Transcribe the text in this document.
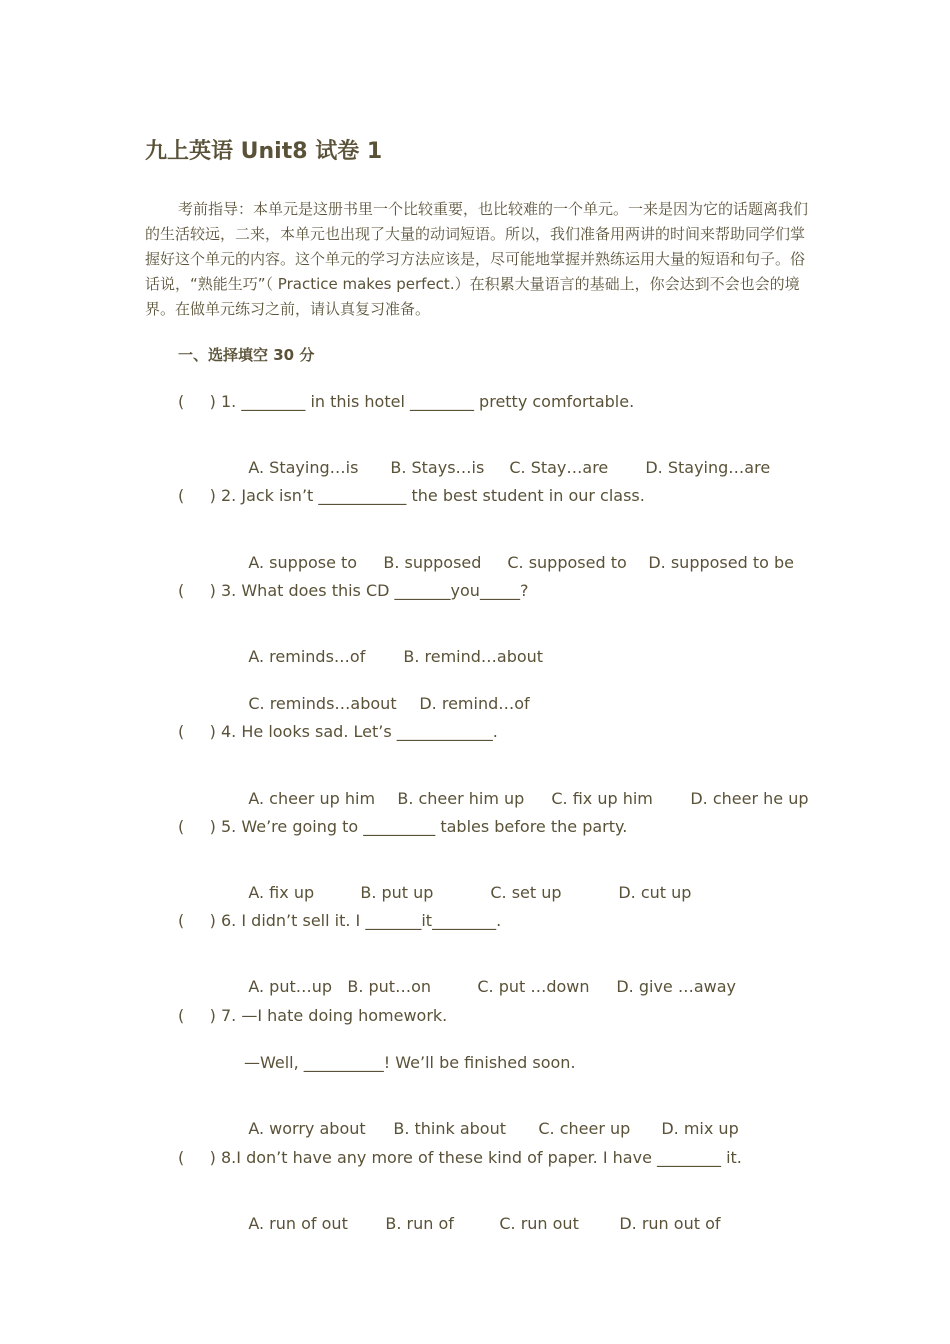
九上英语 Unit8 试卷 1
考前指导：本单元是这册书里一个比较重要，也比较难的一个单元。一来是因为它的话题离我们的生活较远，二来，本单元也出现了大量的动词短语。所以，我们准备用两讲的时间来帮助同学们掌握好这个单元的内容。这个单元的学习方法应该是，尽可能地掌握并熟练运用大量的短语和句子。俗话说，“熟能生巧”（ Practice makes perfect.）在积累大量语言的基础上，你会达到不会也会的境界。在做单元练习之前，请认真复习准备。
一、选择填空 30 分
(     ) 1. ________ in this hotel ________ pretty comfortable.

A. Staying…is B. Stays…is C. Stay…are D. Staying…are

(     ) 2. Jack isn’t ___________ the best student in our class.

A. suppose to B. supposed C. supposed to D. supposed to be

(     ) 3. What does this CD _______you_____?

A. reminds…of B. remind…about

C. reminds…about D. remind…of

(     ) 4. He looks sad. Let’s ____________.

A. cheer up him B. cheer him up C. fix up him D. cheer he up

(     ) 5. We’re going to _________ tables before the party.

A. fix up	B. put up	C. set up	D. cut up

(     ) 6. I didn’t sell it. I _______it________.

A. put…up B. put…on	C. put …down D. give …away

(     ) 7. —I hate doing homework.
—Well, __________! We’ll be finished soon.

A. worry about B. think about C. cheer up D. mix up

(     ) 8.I don’t have any more of these kind of paper. I have ________ it.

A. run of out B. run of	C. run out	D. run out of
